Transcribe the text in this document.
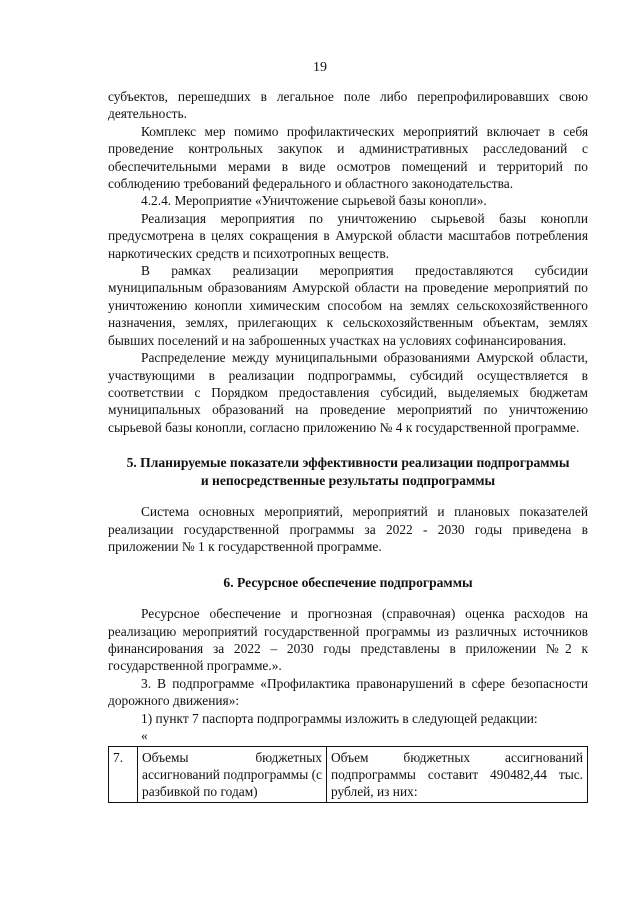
19

субъектов, перешедших в легальное поле либо перепрофилировавших свою деятельность.

Комплекс мер помимо профилактических мероприятий включает в себя проведение контрольных закупок и административных расследований с обеспечительными мерами в виде осмотров помещений и территорий по соблюдению требований федерального и областного законодательства.

4.2.4. Мероприятие «Уничтожение сырьевой базы конопли».

Реализация мероприятия по уничтожению сырьевой базы конопли предусмотрена в целях сокращения в Амурской области масштабов потребления наркотических средств и психотропных веществ.

В рамках реализации мероприятия предоставляются субсидии муниципальным образованиям Амурской области на проведение мероприятий по уничтожению конопли химическим способом на землях сельскохозяйственного назначения, землях, прилегающих к сельскохозяйственным объектам, землях бывших поселений и на заброшенных участках на условиях софинансирования.

Распределение между муниципальными образованиями Амурской области, участвующими в реализации подпрограммы, субсидий осуществляется в соответствии с Порядком предоставления субсидий, выделяемых бюджетам муниципальных образований на проведение мероприятий по уничтожению сырьевой базы конопли, согласно приложению № 4 к государственной программе.

5. Планируемые показатели эффективности реализации подпрограммы

и непосредственные результаты подпрограммы

Система основных мероприятий, мероприятий и плановых показателей реализации государственной программы за 2022 - 2030 годы приведена в приложении № 1 к государственной программе.

6. Ресурсное обеспечение подпрограммы

Ресурсное обеспечение и прогнозная (справочная) оценка расходов на реализацию мероприятий государственной программы из различных источников финансирования за 2022 – 2030 годы представлены в приложении №2 к государственной программе.».

3. В подпрограмме «Профилактика правонарушений в сфере безопасности дорожного движения»:

1) пункт 7 паспорта подпрограммы изложить в следующей редакции:

«

7.	Объемы бюджетных ассигнований подпрограммы (с разбивкой по годам)	Объем бюджетных ассигнований подпрограммы составит 490482,44 тыс. рублей, из них:
